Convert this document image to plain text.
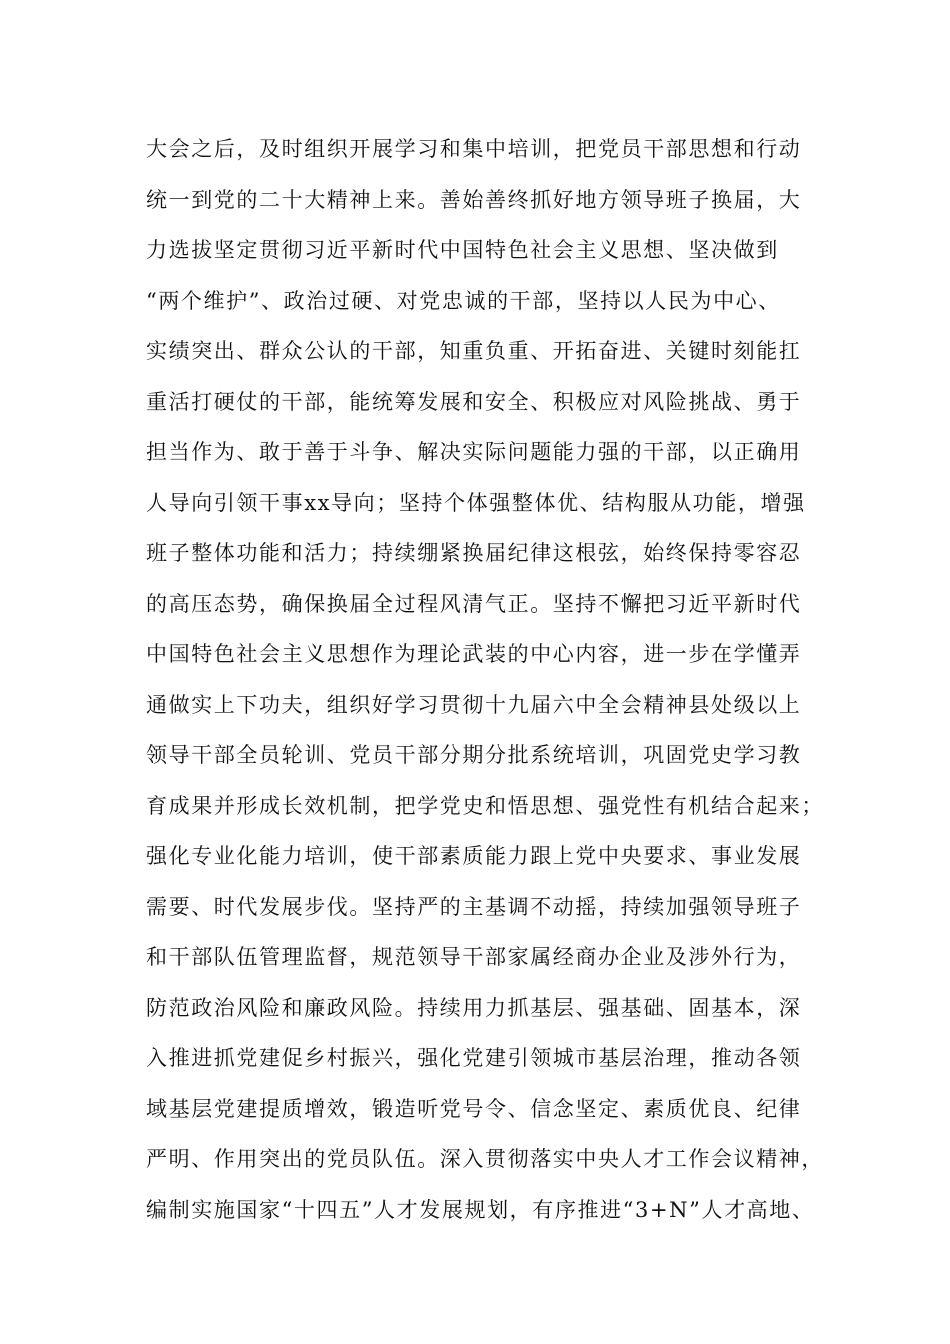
大会之后，及时组织开展学习和集中培训，把党员干部思想和行动
统一到党的二十大精神上来。善始善终抓好地方领导班子换届，大
力选拔坚定贯彻习近平新时代中国特色社会主义思想、坚决做到
“两个维护”、政治过硬、对党忠诚的干部，坚持以人民为中心、
实绩突出、群众公认的干部，知重负重、开拓奋进、关键时刻能扛
重活打硬仗的干部，能统筹发展和安全、积极应对风险挑战、勇于
担当作为、敢于善于斗争、解决实际问题能力强的干部，以正确用
人导向引领干事xx导向；坚持个体强整体优、结构服从功能，增强
班子整体功能和活力；持续绷紧换届纪律这根弦，始终保持零容忍
的高压态势，确保换届全过程风清气正。坚持不懈把习近平新时代
中国特色社会主义思想作为理论武装的中心内容，进一步在学懂弄
通做实上下功夫，组织好学习贯彻十九届六中全会精神县处级以上
领导干部全员轮训、党员干部分期分批系统培训，巩固党史学习教
育成果并形成长效机制，把学党史和悟思想、强党性有机结合起来；
强化专业化能力培训，使干部素质能力跟上党中央要求、事业发展
需要、时代发展步伐。坚持严的主基调不动摇，持续加强领导班子
和干部队伍管理监督，规范领导干部家属经商办企业及涉外行为，
防范政治风险和廉政风险。持续用力抓基层、强基础、固基本，深
入推进抓党建促乡村振兴，强化党建引领城市基层治理，推动各领
域基层党建提质增效，锻造听党号令、信念坚定、素质优良、纪律
严明、作用突出的党员队伍。深入贯彻落实中央人才工作会议精神，
编制实施国家“十四五”人才发展规划，有序推进“3+N”人才高地、
